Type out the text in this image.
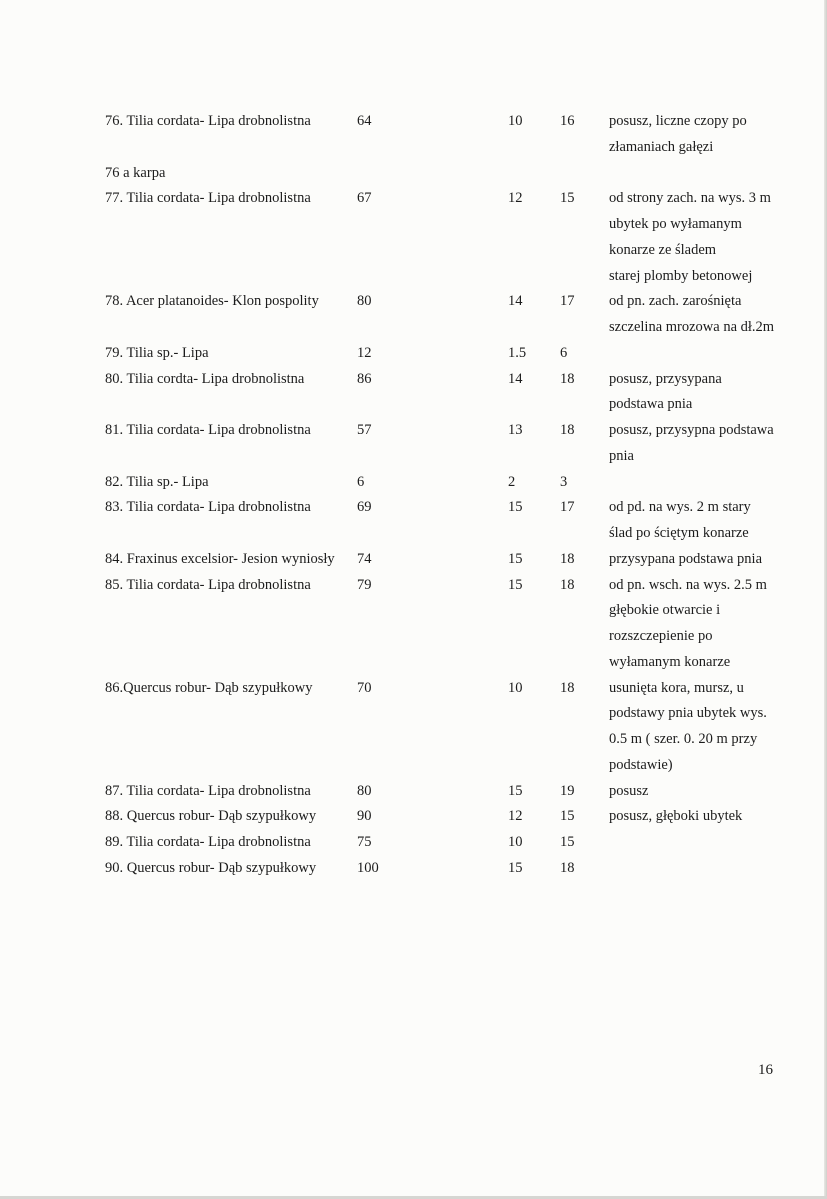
76. Tilia cordata- Lipa drobnolistna	64	10	16 posusz, liczne czopy po
złamaniach gałęzi
76 a karpa
77. Tilia cordata- Lipa drobnolistna	67	12	15 od strony zach. na wys. 3 m
ubytek po wyłamanym
konarze ze śladem
starej plomby betonowej
78. Acer platanoides- Klon pospolity	80	14	17 od pn. zach. zarośnięta
szczelina mrozowa na dł.2m
79. Tilia sp.- Lipa	12	1.5 6
80. Tilia cordta- Lipa drobnolistna	86	14	18 posusz, przysypana
podstawa pnia
81. Tilia cordata- Lipa drobnolistna	57	13	18 posusz, przysypna podstawa
pnia
82. Tilia sp.- Lipa	6	2	3
83. Tilia cordata- Lipa drobnolistna	69	15	17 od pd. na wys. 2 m stary
ślad po ściętym konarze
84. Fraxinus excelsior- Jesion wyniosły 74	15	18 przysypana podstawa pnia
85. Tilia cordata- Lipa drobnolistna	79	15	18 od pn. wsch. na wys. 2.5 m
głębokie otwarcie i
rozszczepienie po
wyłamanym konarze
86.Quercus robur- Dąb szypułkowy	70	10	18 usunięta kora, mursz, u
podstawy pnia ubytek wys.
0.5 m ( szer. 0. 20 m przy
podstawie)
87. Tilia cordata- Lipa drobnolistna	80	15	19 posusz
88. Quercus robur- Dąb szypułkowy	90	12	15 posusz, głęboki ubytek
89. Tilia cordata- Lipa drobnolistna	75	10	15
90. Quercus robur- Dąb szypułkowy	100	15	18
16
